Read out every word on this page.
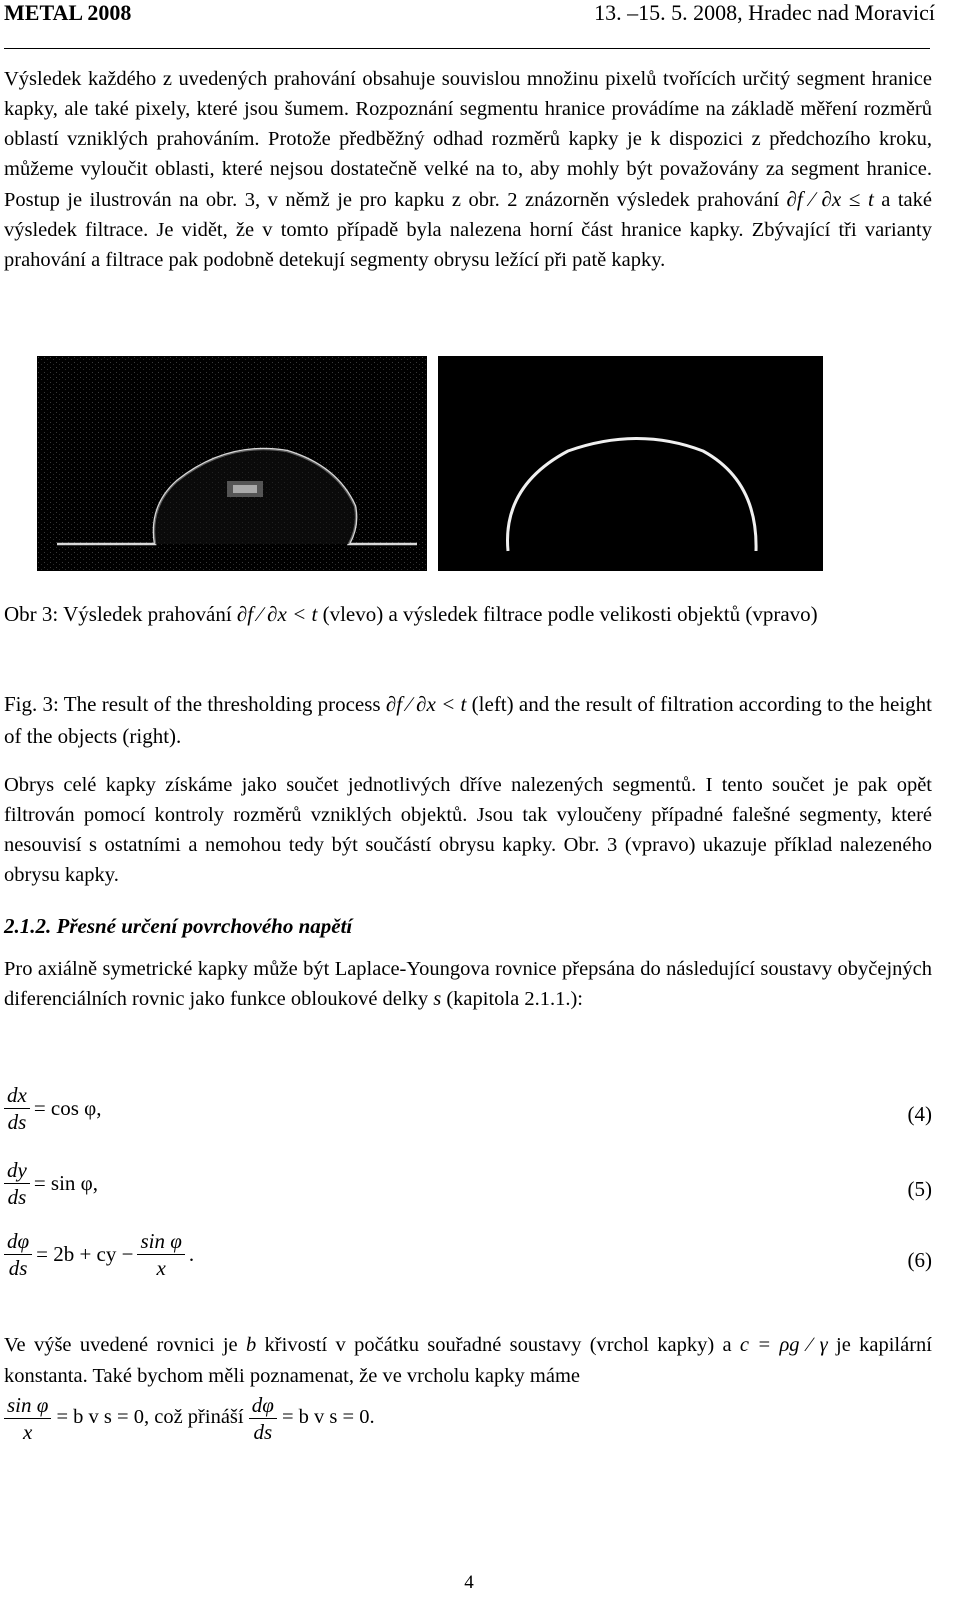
METAL 2008	13. –15. 5. 2008, Hradec nad Moravicí
Výsledek každého z uvedených prahování obsahuje souvislou množinu pixelů tvořících určitý segment hranice kapky, ale také pixely, které jsou šumem. Rozpoznání segmentu hranice provádíme na základě měření rozměrů oblastí vzniklých prahováním. Protože předběžný odhad rozměrů kapky je k dispozici z předchozího kroku, můžeme vyloučit oblasti, které nejsou dostatečně velké na to, aby mohly být považovány za segment hranice. Postup je ilustrován na obr. 3, v němž je pro kapku z obr. 2 znázorněn výsledek prahování ∂f ∕ ∂x ≤ t a také výsledek filtrace. Je vidět, že v tomto případě byla nalezena horní část hranice kapky. Zbývající tři varianty prahování a filtrace pak podobně detekují segmenty obrysu ležící při patě kapky.
Obr 3: Výsledek prahování ∂f ∕ ∂x < t (vlevo) a výsledek filtrace podle velikosti objektů (vpravo)
Fig. 3: The result of the thresholding process ∂f ∕ ∂x < t (left) and the result of filtration according to the height of the objects (right).
Obrys celé kapky získáme jako součet jednotlivých dříve nalezených segmentů. I tento součet je pak opět filtrován pomocí kontroly rozměrů vzniklých objektů. Jsou tak vyloučeny případné falešné segmenty, které nesouvisí s ostatními a nemohou tedy být součástí obrysu kapky. Obr. 3 (vpravo) ukazuje příklad nalezeného obrysu kapky.
2.1.2. Přesné určení povrchového napětí
Pro axiálně symetrické kapky může být Laplace-Youngova rovnice přepsána do následující soustavy obyčejných diferenciálních rovnic jako funkce obloukové delky s (kapitola 2.1.1.):
$\frac{dx}{ds} = \cos \varphi$,	(4)
$\frac{dy}{ds} = \sin \varphi$,	(5)
$\frac{d\varphi}{ds} = 2b$ + cy − $\frac{\text{sin φ}}{x}$ .	(6)
Ve výše uvedené rovnici je b křivostí v počátku souřadné soustavy (vrchol kapky) a c = ρg ∕ γ je kapilární konstanta. Také bychom měli poznamenat, že ve vrcholu kapky máme

$\frac{\text{sin φ}}{x} = b$ v s = 0, což přináší $\frac{d\varphi}{ds} = b$ v s = 0.
4
